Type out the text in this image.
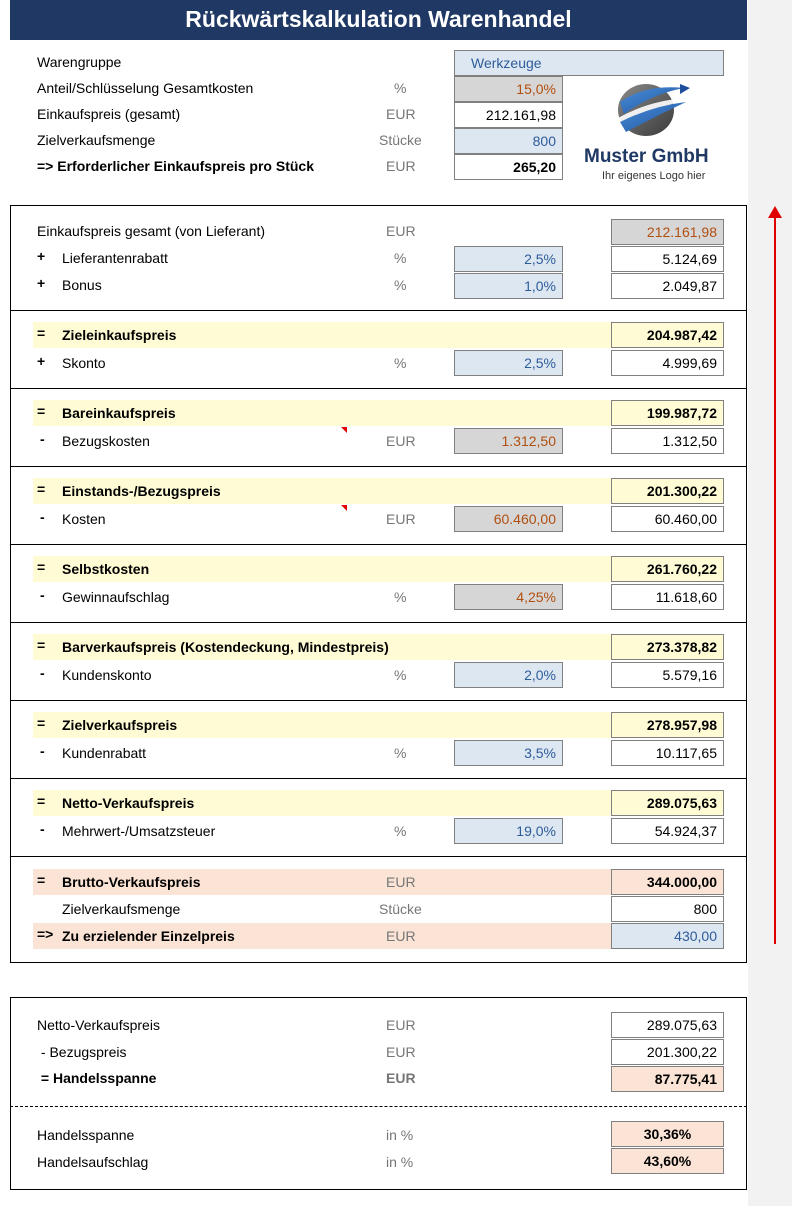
Rückwärtskalkulation Warenhandel
Warengruppe	Werkzeuge
Anteil/Schlüsselung Gesamtkosten	%	15,0%
Einkaufspreis (gesamt)	EUR	212.161,98
Zielverkaufsmenge	Stücke	800
=> Erforderlicher Einkaufspreis pro Stück	EUR	265,20	Muster GmbH
Ihr eigenes Logo hier
Einkaufspreis gesamt (von Lieferant)	EUR	212.161,98
+ Lieferantenrabatt	%	2,5%	5.124,69
+ Bonus	%	1,0%	2.049,87
= Zieleinkaufspreis	204.987,42
+ Skonto	%	2,5%	4.999,69
= Bareinkaufspreis	199.987,72
- Bezugskosten	EUR	1.312,50	1.312,50
= Einstands-/Bezugspreis	201.300,22
- Kosten	EUR	60.460,00	60.460,00
= Selbstkosten	261.760,22
- Gewinnaufschlag	%	4,25%	11.618,60
= Barverkaufspreis (Kostendeckung, Mindestpreis)	273.378,82
- Kundenskonto	%	2,0%	5.579,16
= Zielverkaufspreis	278.957,98
- Kundenrabatt	%	3,5%	10.117,65
= Netto-Verkaufspreis	289.075,63
- Mehrwert-/Umsatzsteuer	%	19,0%	54.924,37
= Brutto-Verkaufspreis	EUR	344.000,00
Zielverkaufsmenge	Stücke	800
=> Zu erzielender Einzelpreis	EUR	430,00
Netto-Verkaufspreis	EUR	289.075,63
- Bezugspreis	EUR	201.300,22
= Handelsspanne	EUR	87.775,41
Handelsspanne	in %	30,36%
Handelsaufschlag	in %	43,60%
